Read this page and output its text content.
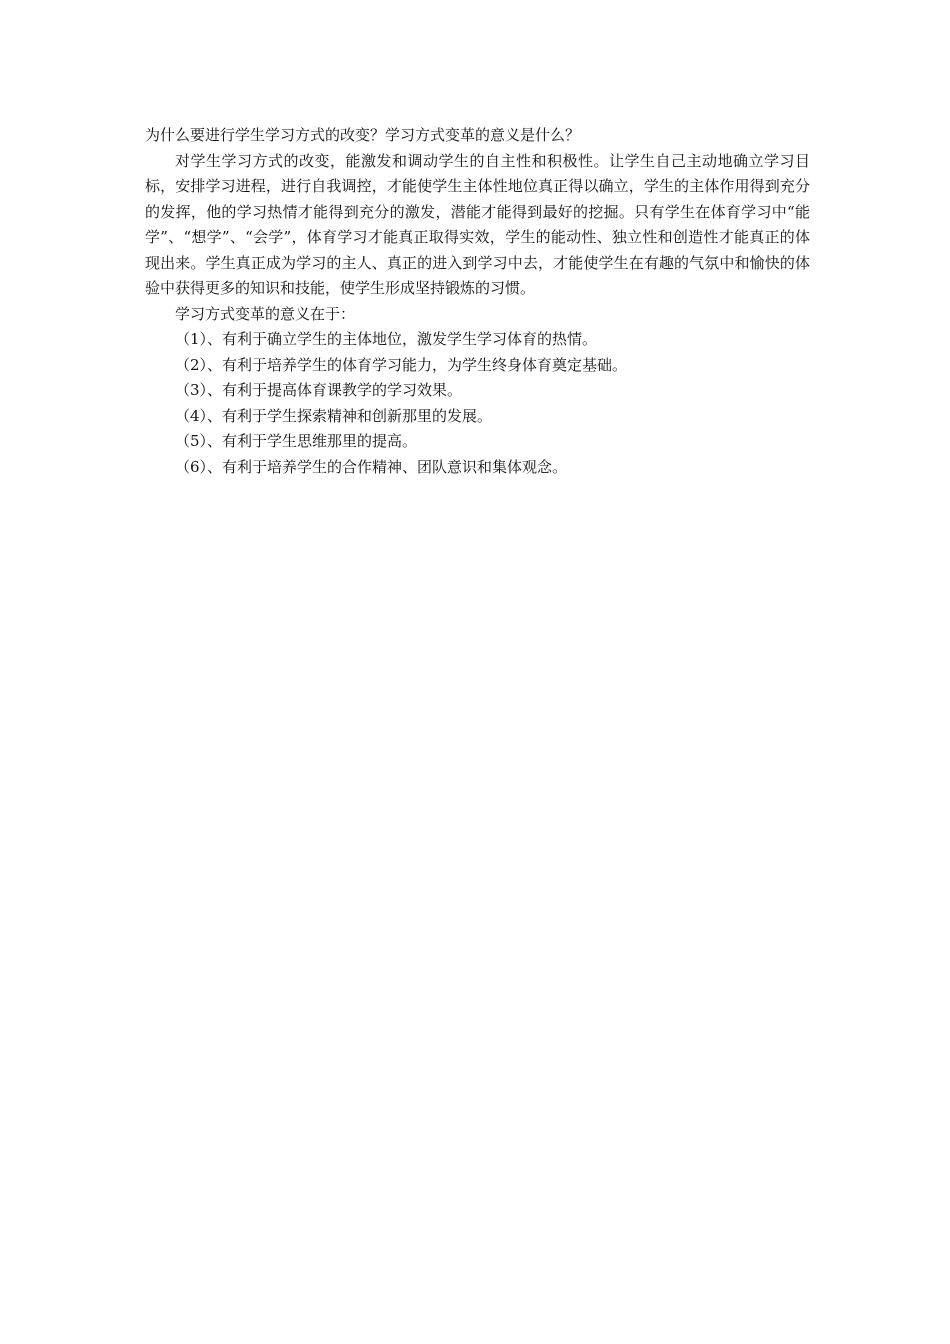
为什么要进行学生学习方式的改变？学习方式变革的意义是什么？

对学生学习方式的改变，能激发和调动学生的自主性和积极性。让学生自己主动地确立学习目标，安排学习进程，进行自我调控，才能使学生主体性地位真正得以确立，学生的主体作用得到充分的发挥，他的学习热情才能得到充分的激发，潜能才能得到最好的挖掘。只有学生在体育学习中“能学”、“想学”、“会学”，体育学习才能真正取得实效，学生的能动性、独立性和创造性才能真正的体现出来。学生真正成为学习的主人、真正的进入到学习中去，才能使学生在有趣的气氛中和愉快的体验中获得更多的知识和技能，使学生形成坚持锻炼的习惯。

学习方式变革的意义在于：

（1）、有利于确立学生的主体地位，激发学生学习体育的热情。
（2）、有利于培养学生的体育学习能力，为学生终身体育奠定基础。
（3）、有利于提高体育课教学的学习效果。
（4）、有利于学生探索精神和创新那里的发展。
（5）、有利于学生思维那里的提高。
（6）、有利于培养学生的合作精神、团队意识和集体观念。
